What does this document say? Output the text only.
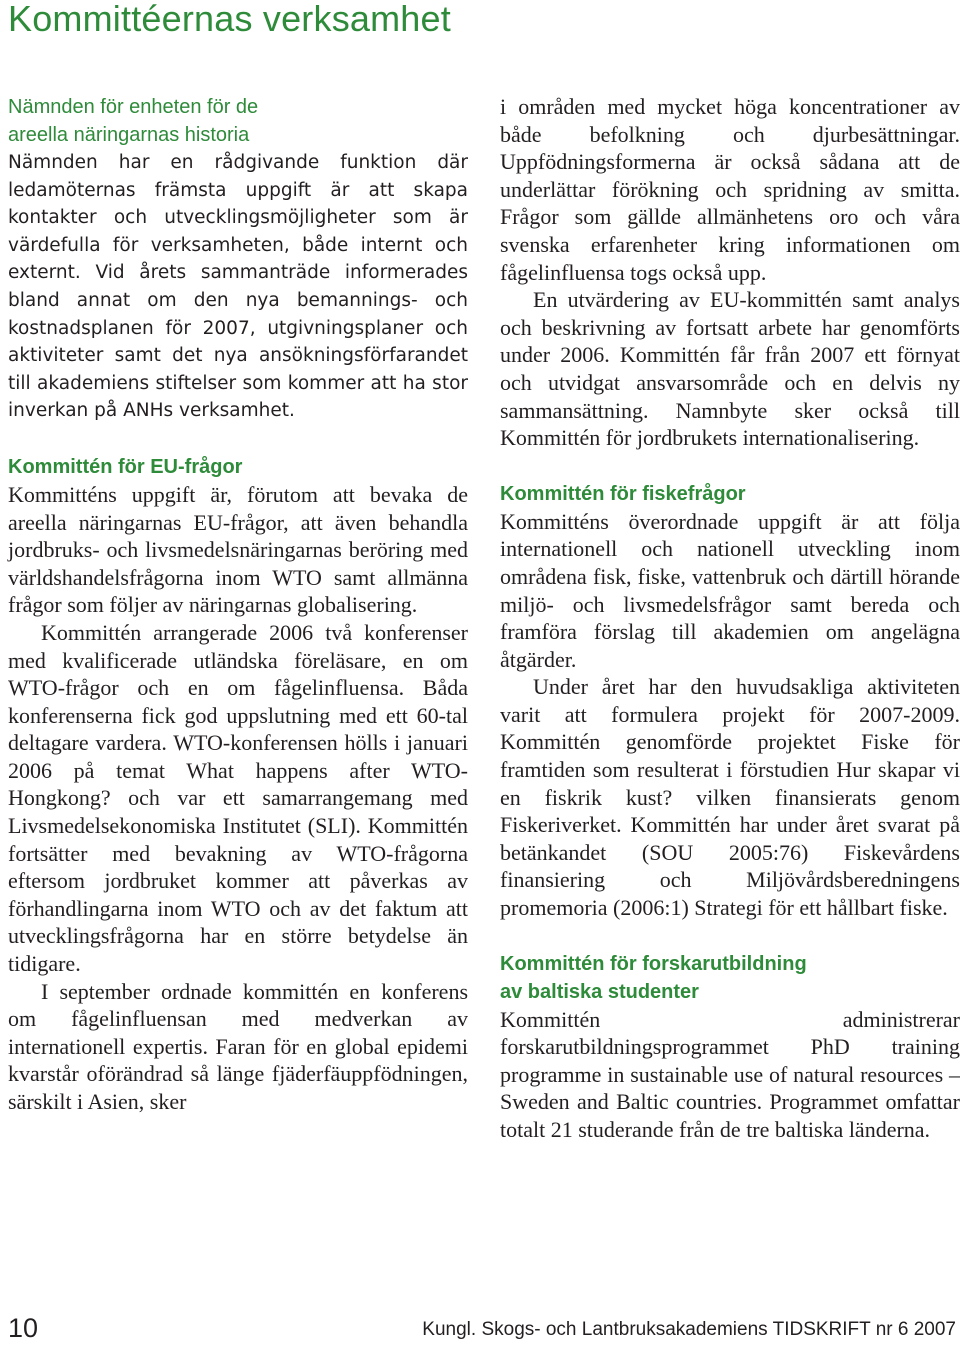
Kommittéernas verksamhet
Nämnden för enheten för de
areella näringarnas historia

Nämnden har en rådgivande funktion där ledamöternas främsta uppgift är att skapa kontakter och utvecklingsmöjligheter som är värdefulla för verksamheten, både internt och externt. Vid årets sammanträde informerades bland annat om den nya bemannings- och kostnadsplanen för 2007, utgivningsplaner och aktiviteter samt det nya ansökningsförfarandet till akademiens stiftelser som kommer att ha stor inverkan på ANHs verksamhet.

Kommittén för EU-frågor

Kommitténs uppgift är, förutom att bevaka de areella näringarnas EU-frågor, att även behandla jordbruks- och livsmedelsnäringarnas beröring med världshandelsfrågorna inom WTO samt allmänna frågor som följer av näringarnas globalisering.

Kommittén arrangerade 2006 två konferenser med kvalificerade utländska föreläsare, en om WTO-frågor och en om fågelinfluensa. Båda konferenserna fick god uppslutning med ett 60-tal deltagare vardera. WTO-konferensen hölls i januari 2006 på temat What happens after WTO-Hongkong? och var ett samarrangemang med Livsmedelsekonomiska Institutet (SLI). Kommittén fortsätter med bevakning av WTO-frågorna eftersom jordbruket kommer att påverkas av förhandlingarna inom WTO och av det faktum att utvecklingsfrågorna har en större betydelse än tidigare.

I september ordnade kommittén en konferens om fågelinfluensan med medverkan av internationell expertis. Faran för en global epidemi kvarstår oförändrad så länge fjäderfäuppfödningen, särskilt i Asien, sker

i områden med mycket höga koncentrationer av både befolkning och djurbesättningar. Uppfödningsformerna är också sådana att de underlättar förökning och spridning av smitta. Frågor som gällde allmänhetens oro och våra svenska erfarenheter kring informationen om fågelinfluensa togs också upp.

En utvärdering av EU-kommittén samt analys och beskrivning av fortsatt arbete har genomförts under 2006. Kommittén får från 2007 ett förnyat och utvidgat ansvarsområde och en delvis ny sammansättning. Namnbyte sker också till Kommittén för jordbrukets internationalisering.

Kommittén för fiskefrågor

Kommitténs överordnade uppgift är att följa internationell och nationell utveckling inom områdena fisk, fiske, vattenbruk och därtill hörande miljö- och livsmedelsfrågor samt bereda och framföra förslag till akademien om angelägna åtgärder.

Under året har den huvudsakliga aktiviteten varit att formulera projekt för 2007-2009. Kommittén genomförde projektet Fiske för framtiden som resulterat i förstudien Hur skapar vi en fiskrik kust? vilken finansierats genom Fiskeriverket. Kommittén har under året svarat på betänkandet (SOU 2005:76) Fiskevårdens finansiering och Miljövårdsberedningens promemoria (2006:1) Strategi för ett hållbart fiske.

Kommittén för forskarutbildning
av baltiska studenter

Kommittén administrerar forskarutbildningsprogrammet PhD training programme in sustainable use of natural resources – Sweden and Baltic countries. Programmet omfattar totalt 21 studerande från de tre baltiska länderna.

10	Kungl. Skogs- och Lantbruksakademiens TIDSKRIFT nr 6 2007
